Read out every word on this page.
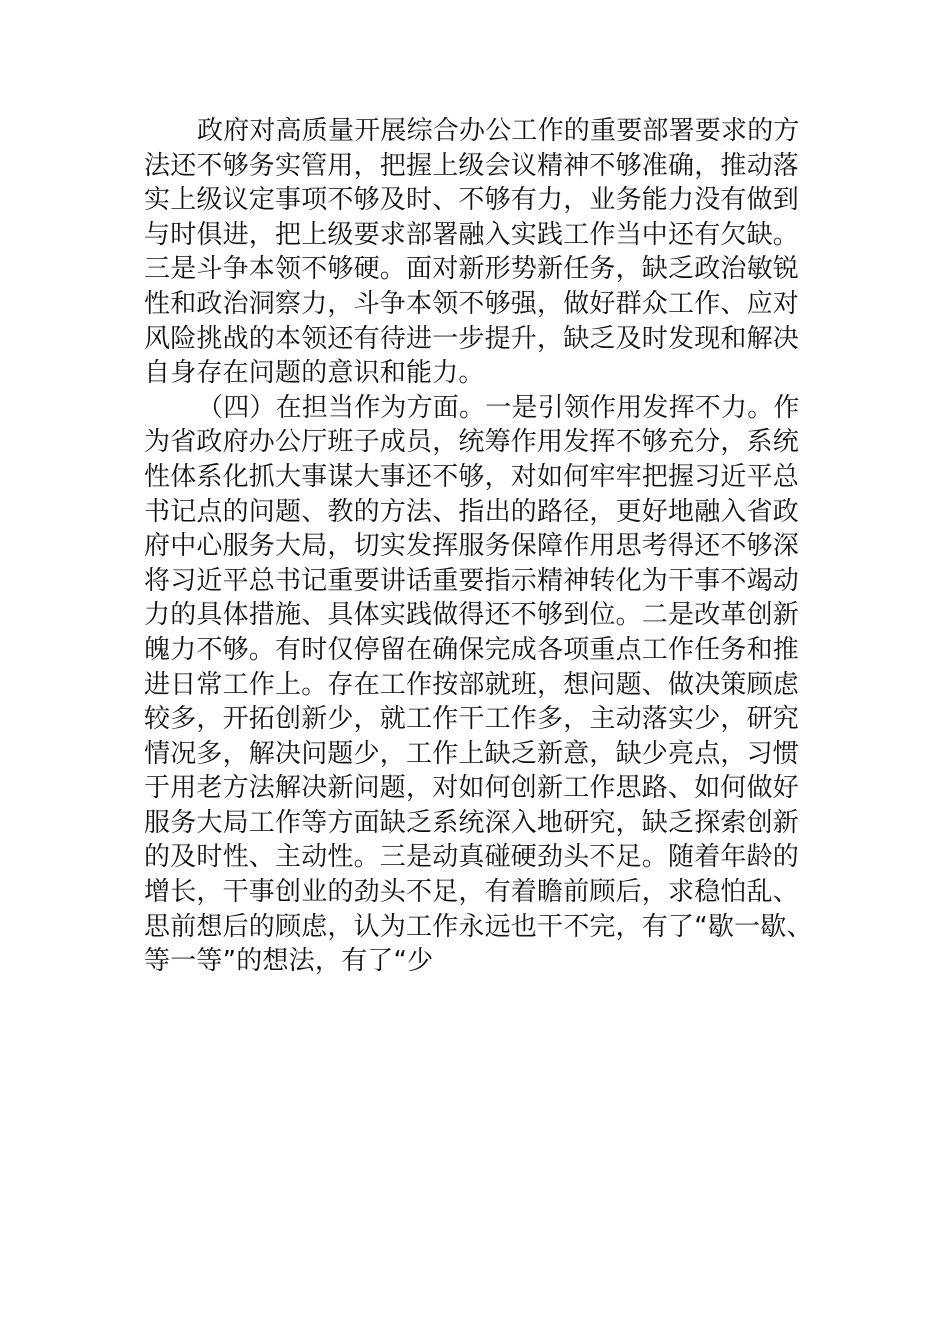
政府对高质量开展综合办公工作的重要部署要求的方
法还不够务实管用，把握上级会议精神不够准确，推动落
实上级议定事项不够及时、不够有力，业务能力没有做到
与时俱进，把上级要求部署融入实践工作当中还有欠缺。
三是斗争本领不够硬。面对新形势新任务，缺乏政治敏锐
性和政治洞察力，斗争本领不够强，做好群众工作、应对
风险挑战的本领还有待进一步提升，缺乏及时发现和解决
自身存在问题的意识和能力。

（四）在担当作为方面。一是引领作用发挥不力。作
为省政府办公厅班子成员，统筹作用发挥不够充分，系统
性体系化抓大事谋大事还不够，对如何牢牢把握习近平总
书记点的问题、教的方法、指出的路径，更好地融入省政
府中心服务大局，切实发挥服务保障作用思考得还不够深
将习近平总书记重要讲话重要指示精神转化为干事不竭动
力的具体措施、具体实践做得还不够到位。二是改革创新
魄力不够。有时仅停留在确保完成各项重点工作任务和推
进日常工作上。存在工作按部就班，想问题、做决策顾虑
较多，开拓创新少，就工作干工作多，主动落实少，研究
情况多，解决问题少，工作上缺乏新意，缺少亮点，习惯
于用老方法解决新问题，对如何创新工作思路、如何做好
服务大局工作等方面缺乏系统深入地研究，缺乏探索创新
的及时性、主动性。三是动真碰硬劲头不足。随着年龄的
增长，干事创业的劲头不足，有着瞻前顾后，求稳怕乱、
思前想后的顾虑，认为工作永远也干不完，有了“歇一歇、
等一等”的想法，有了“少
